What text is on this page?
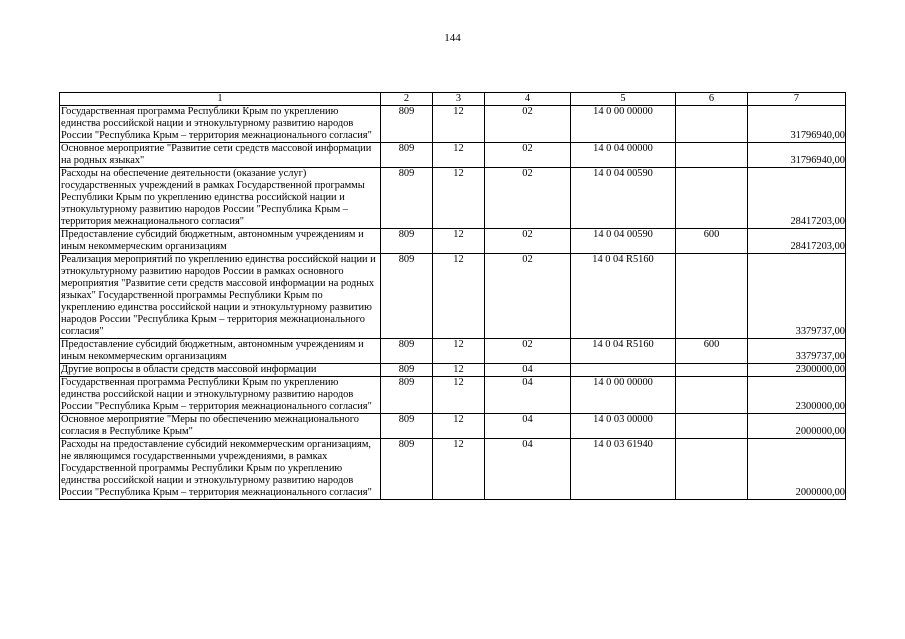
144
1	2	3	4	5	6	7
Государственная программа Республики Крым по укреплению единства российской нации и этнокультурному развитию народов России "Республика Крым – территория межнационального согласия"	809	12	02	14 0 00 00000		31796940,00
Основное мероприятие "Развитие сети средств массовой информации на родных языках"	809	12	02	14 0 04 00000		31796940,00
Расходы на обеспечение деятельности (оказание услуг) государственных учреждений в рамках Государственной программы Республики Крым по укреплению единства российской нации и этнокультурному развитию народов России "Республика Крым – территория межнационального согласия"	809	12	02	14 0 04 00590		28417203,00
Предоставление субсидий бюджетным, автономным учреждениям и иным некоммерческим организациям	809	12	02	14 0 04 00590	600	28417203,00
Реализация мероприятий по укреплению единства российской нации и этнокультурному развитию народов России в рамках основного мероприятия "Развитие сети средств массовой информации на родных языках" Государственной программы Республики Крым по укреплению единства российской нации и этнокультурному развитию народов России "Республика Крым – территория межнационального согласия"	809	12	02	14 0 04 R5160		3379737,00
Предоставление субсидий бюджетным, автономным учреждениям и иным некоммерческим организациям	809	12	02	14 0 04 R5160	600	3379737,00
Другие вопросы в области средств массовой информации	809	12	04			2300000,00
Государственная программа Республики Крым по укреплению единства российской нации и этнокультурному развитию народов России "Республика Крым – территория межнационального согласия"	809	12	04	14 0 00 00000		2300000,00
Основное мероприятие "Меры по обеспечению межнационального согласия в Республике Крым"	809	12	04	14 0 03 00000		2000000,00
Расходы на предоставление субсидий некоммерческим организациям, не являющимся государственными учреждениями, в рамках Государственной программы Республики Крым по укреплению единства российской нации и этнокультурному развитию народов России "Республика Крым – территория межнационального согласия"	809	12	04	14 0 03 61940		2000000,00
